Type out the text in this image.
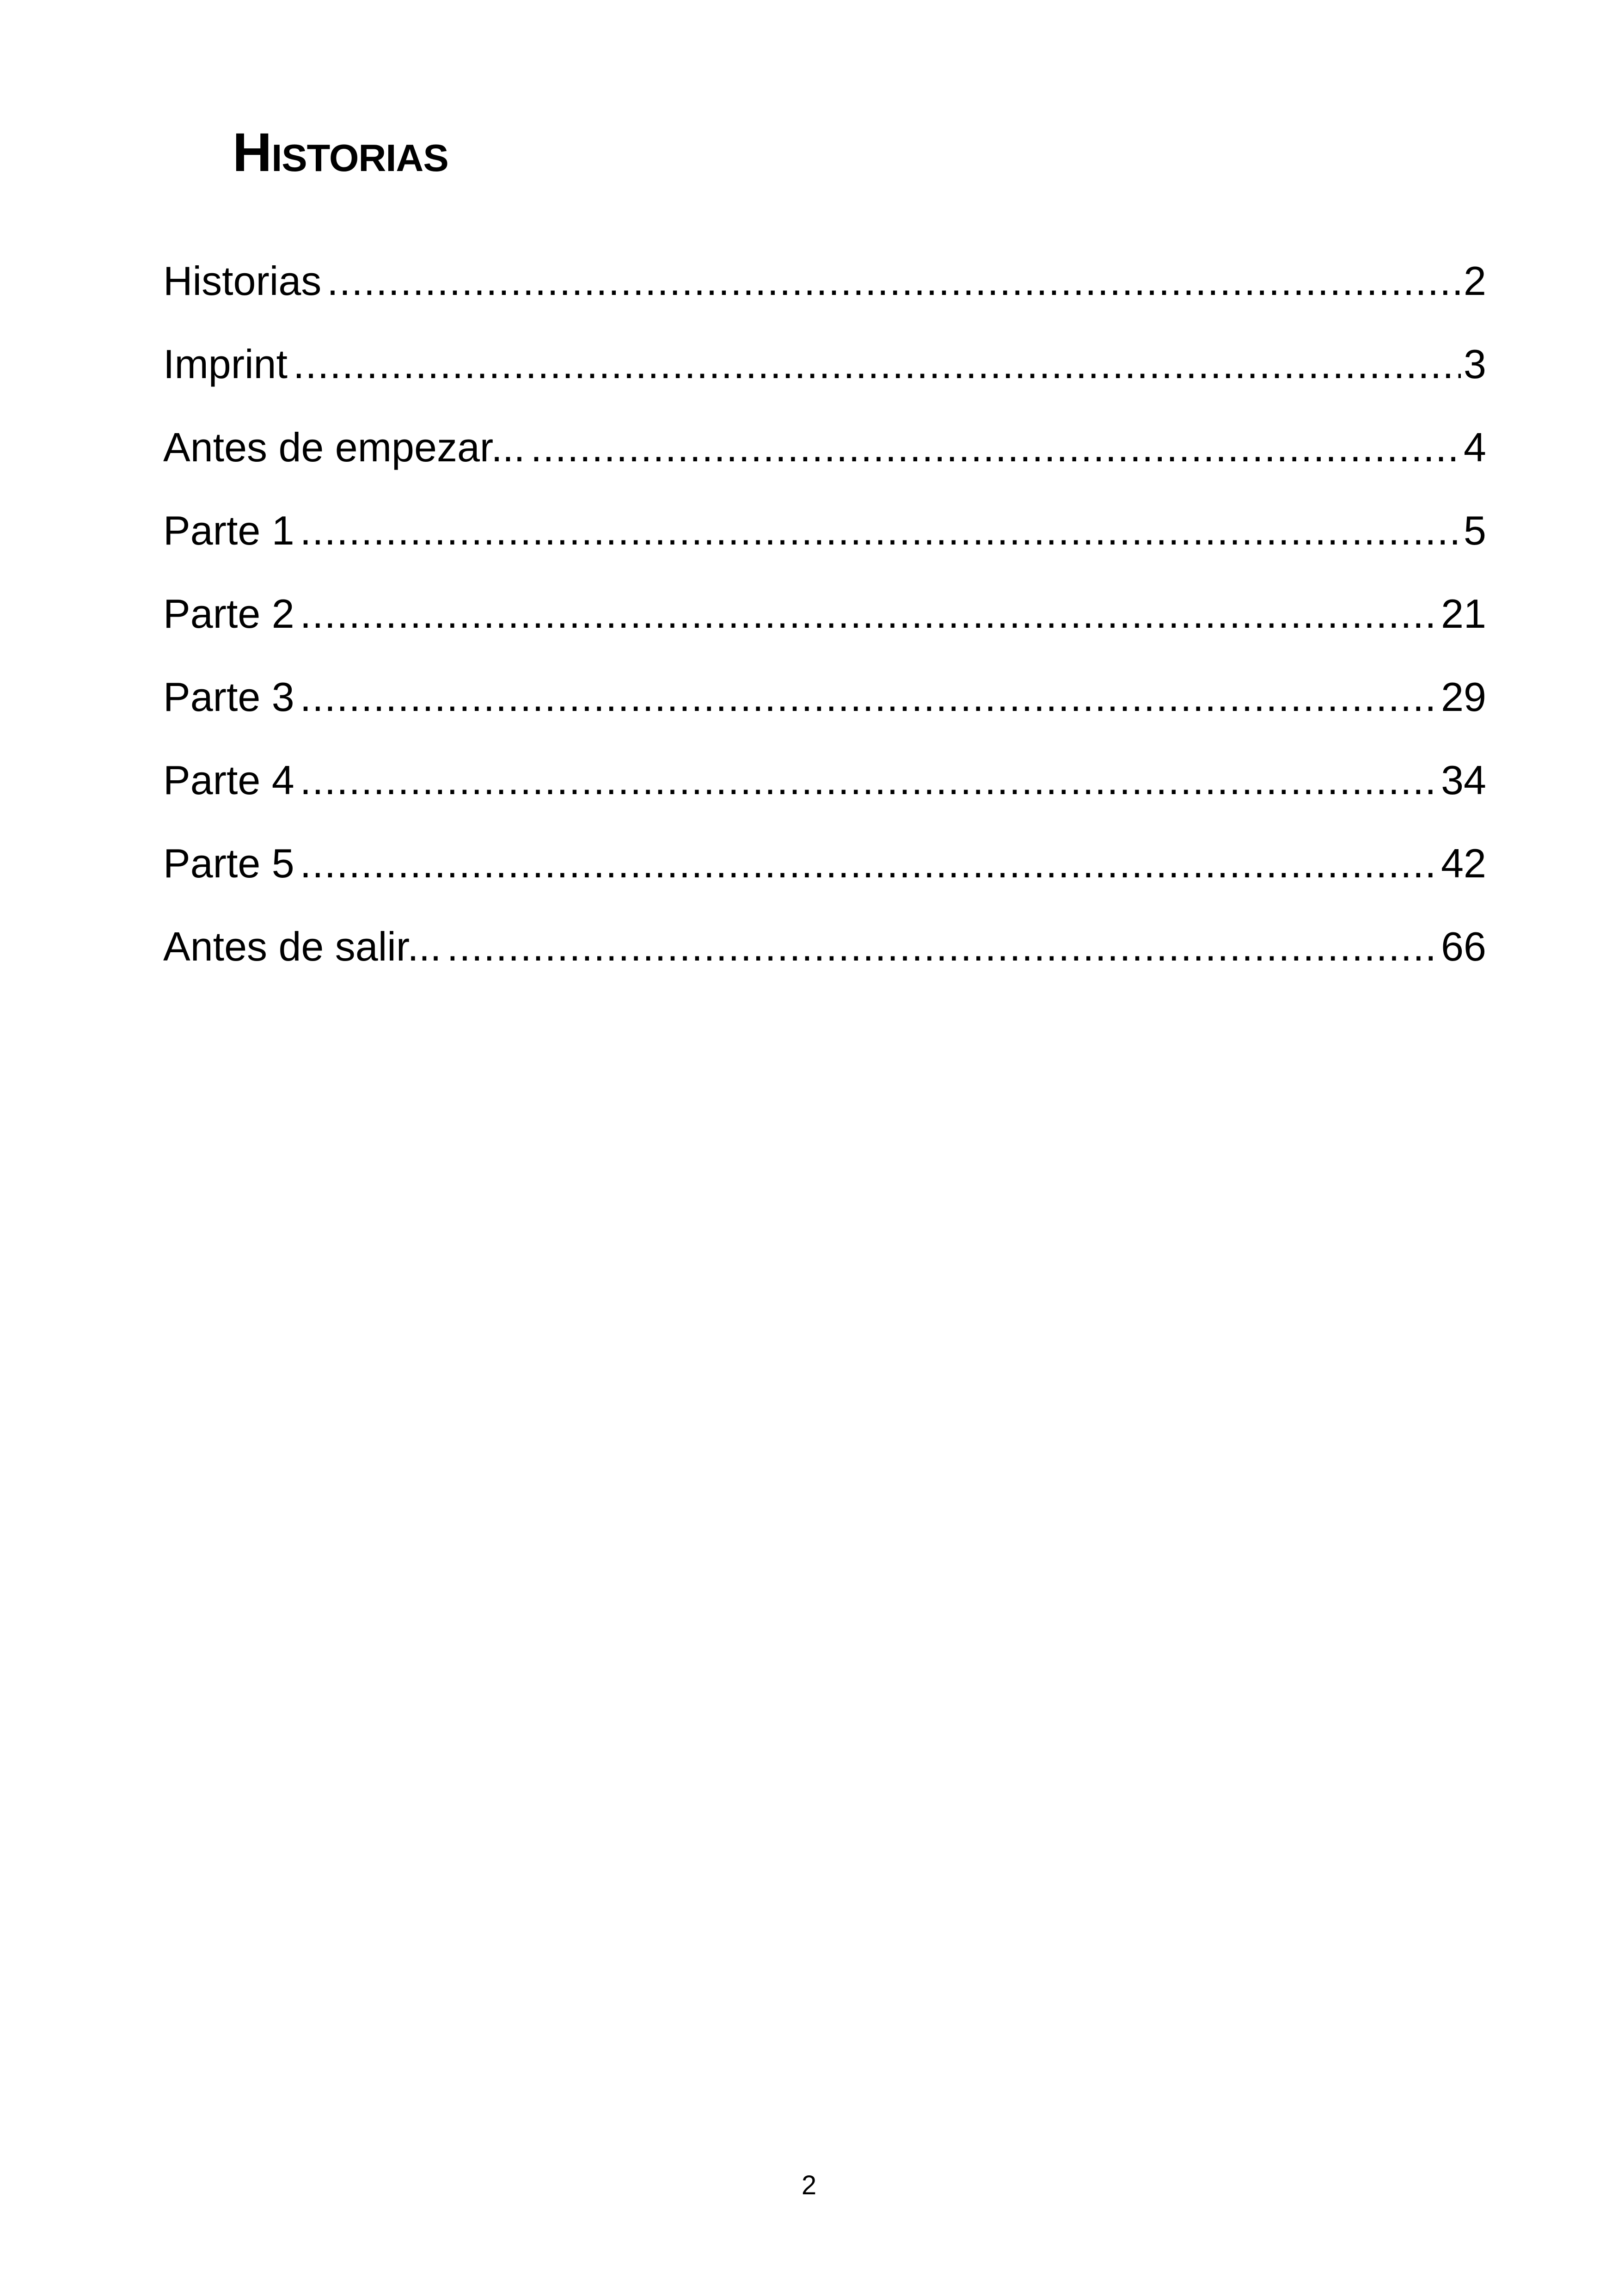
Historias
Historias .....	2
Imprint .....	3
Antes de empezar... .....	4
Parte 1 .....	5
Parte 2 .....	21
Parte 3 .....	29
Parte 4 .....	34
Parte 5 .....	42
Antes de salir... .....	66

2
